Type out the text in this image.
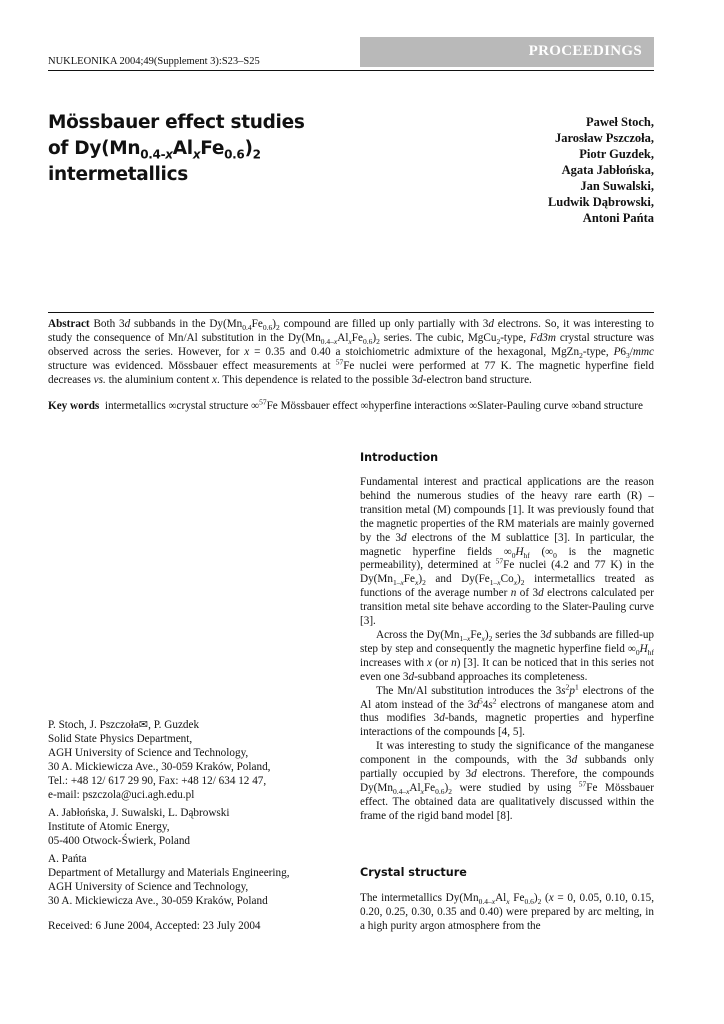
NUKLEONIKA 2004;49(Supplement 3):S23–S25
PROCEEDINGS
Mössbauer effect studies
of $Dy(Mn_{0.4-x}Al_xFe_{0.6})_2$ intermetallics
Paweł Stoch,
Jarosław Pszczoła,
Piotr Guzdek,
Agata Jabłońska,
Jan Suwalski,
Ludwik Dąbrowski,
Antoni Pańta
Abstract Both 3d subbands in the $Dy(Mn_{0.4}Fe_{0.6})_2$ compound are filled up only partially with 3d electrons. So, it was interesting to study the consequence of Mn/Al substitution in the $Dy(Mn_{0.4-x}Al_xFe_{0.6})_2$ series. The cubic, MgCu$_2$-type, Fd3m crystal structure was observed across the series. However, for x = 0.35 and 0.40 a stoichiometric admixture of the hexagonal, MgZn$_2$-type, $P6_3$/mmc structure was evidenced. Mössbauer effect measurements at $^{57}$Fe nuclei were performed at 77 K. The magnetic hyperfine field decreases vs. the aluminium content x. This dependence is related to the possible 3d-electron band structure.
Key words intermetallics ∞crystal structure ∞$^{57}$Fe Mössbauer effect ∞hyperfine interactions ∞Slater-Pauling curve ∞band structure
Introduction

Fundamental interest and practical applications are the reason behind the numerous studies of the heavy rare earth (R) – transition metal (M) compounds [1]. It was previously found that the magnetic properties of the RM materials are mainly governed by the 3d electrons of the M sublattice [3]. In particular, the magnetic hyperfine fields $\infty_0H_{hf}$ ($\infty_0$ is the magnetic permeability), determined at $^{57}$Fe nuclei (4.2 and 77 K) in the $Dy(Mn_{1-x}Fe_x)_2$ and $Dy(Fe_{1-x}Co_x)_2$ intermetallics treated as functions of the average number n of 3d electrons calculated per transition metal site behave according to the Slater-Pauling curve [3].

Across the $Dy(Mn_{1-x}Fe_x)_2$ series the 3d subbands are filled-up step by step and consequently the magnetic hyperfine field $\infty_0H_{hf}$ increases with x (or n) [3]. It can be noticed that in this series not even one 3d-subband approaches its completeness.

The Mn/Al substitution introduces the $3s^2p^1$ electrons of the Al atom instead of the $3d^54s^2$ electrons of manganese atom and thus modifies 3d-bands, magnetic properties and hyperfine interactions of the compounds [4, 5].

It was interesting to study the significance of the manganese component in the compounds, with the 3d subbands only partially occupied by 3d electrons. Therefore, the compounds $Dy(Mn_{0.4-x}Al_xFe_{0.6})_2$ were studied by using $^{57}$Fe Mössbauer effect. The obtained data are qualitatively discussed within the frame of the rigid band model [8].

Crystal structure
The intermetallics $Dy(Mn_{0.4-x}Al_x$ $Fe_{0.6})_2$ (x = 0, 0.05, 0.10, 0.15, 0.20, 0.25, 0.30, 0.35 and 0.40) were prepared by arc melting, in a high purity argon atmosphere from the
P. Stoch, J. Pszczoła✉, P. Guzdek
Solid State Physics Department,
AGH University of Science and Technology,
30 A. Mickiewicza Ave., 30-059 Kraków, Poland,
Tel.: +48 12/ 617 29 90, Fax: +48 12/ 634 12 47,
e-mail: pszczola@uci.agh.edu.pl
A. Jabłońska, J. Suwalski, L. Dąbrowski
Institute of Atomic Energy,
05-400 Otwock-Świerk, Poland
A. Pańta
Department of Metallurgy and Materials Engineering,
AGH University of Science and Technology,
30 A. Mickiewicza Ave., 30-059 Kraków, Poland
Received: 6 June 2004, Accepted: 23 July 2004
